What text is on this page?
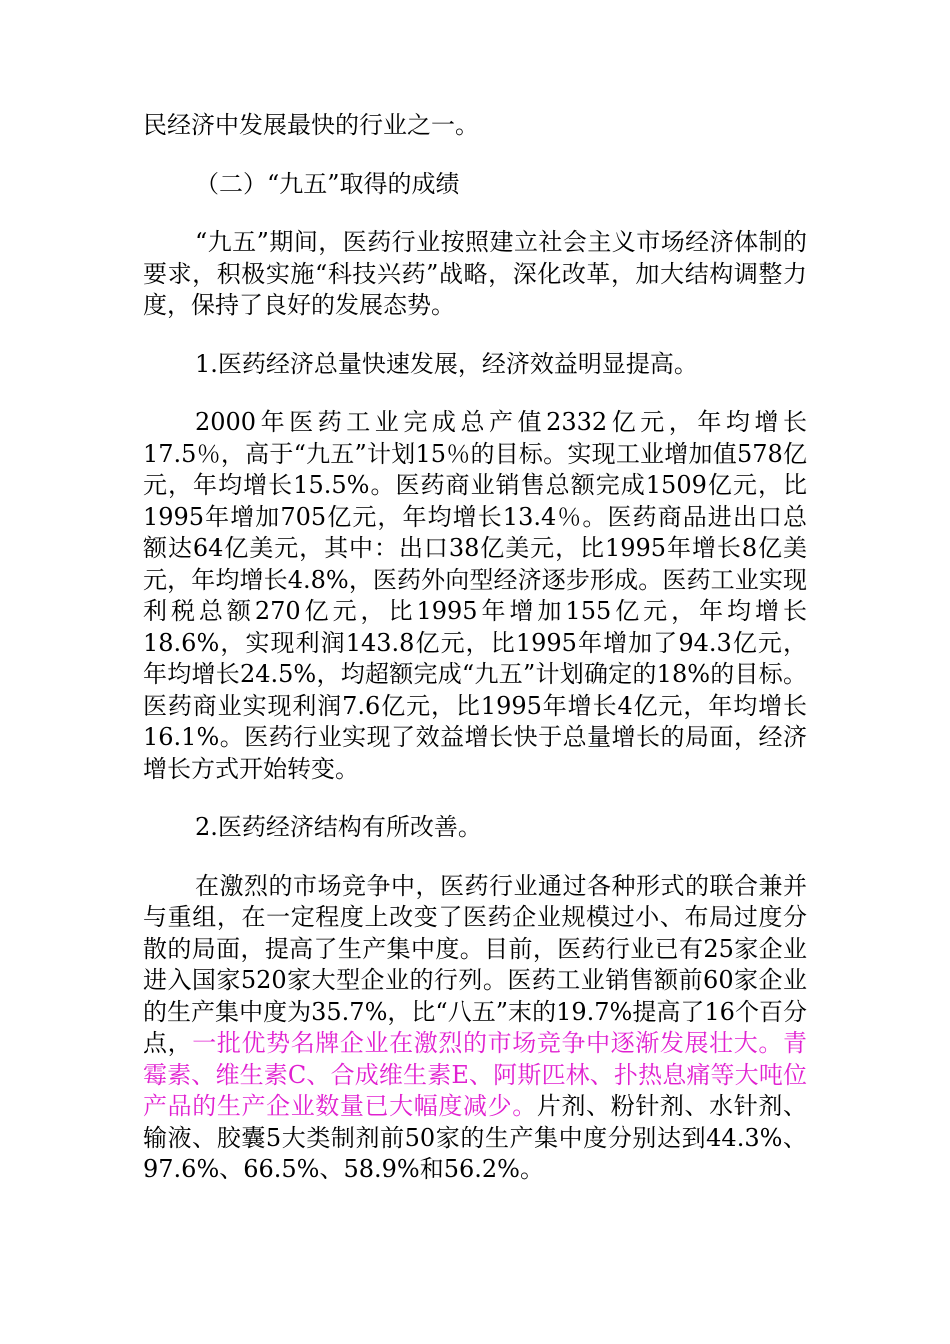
民经济中发展最快的行业之一。

（二）“九五”取得的成绩

“九五”期间，医药行业按照建立社会主义市场经济体制的要求，积极实施“科技兴药”战略，深化改革，加大结构调整力度，保持了良好的发展态势。

1.医药经济总量快速发展，经济效益明显提高。

2000年医药工业完成总产值2332亿元，年均增长17.5％，高于“九五”计划15％的目标。实现工业增加值578亿元，年均增长15.5%。医药商业销售总额完成1509亿元，比1995年增加705亿元，年均增长13.4％。医药商品进出口总额达64亿美元，其中：出口38亿美元，比1995年增长8亿美元，年均增长4.8%，医药外向型经济逐步形成。医药工业实现利税总额270亿元，比1995年增加155亿元，年均增长18.6%，实现利润143.8亿元，比1995年增加了94.3亿元，年均增长24.5%，均超额完成“九五”计划确定的18%的目标。医药商业实现利润7.6亿元，比1995年增长4亿元，年均增长16.1%。医药行业实现了效益增长快于总量增长的局面，经济增长方式开始转变。

2.医药经济结构有所改善。

在激烈的市场竞争中，医药行业通过各种形式的联合兼并与重组，在一定程度上改变了医药企业规模过小、布局过度分散的局面，提高了生产集中度。目前，医药行业已有25家企业进入国家520家大型企业的行列。医药工业销售额前60家企业的生产集中度为35.7%，比“八五”末的19.7%提高了16个百分点，一批优势名牌企业在激烈的市场竞争中逐渐发展壮大。青霉素、维生素C、合成维生素E、阿斯匹林、扑热息痛等大吨位产品的生产企业数量已大幅度减少。片剂、粉针剂、水针剂、输液、胶囊5大类制剂前50家的生产集中度分别达到44.3%、97.6%、66.5%、58.9%和56.2%。
